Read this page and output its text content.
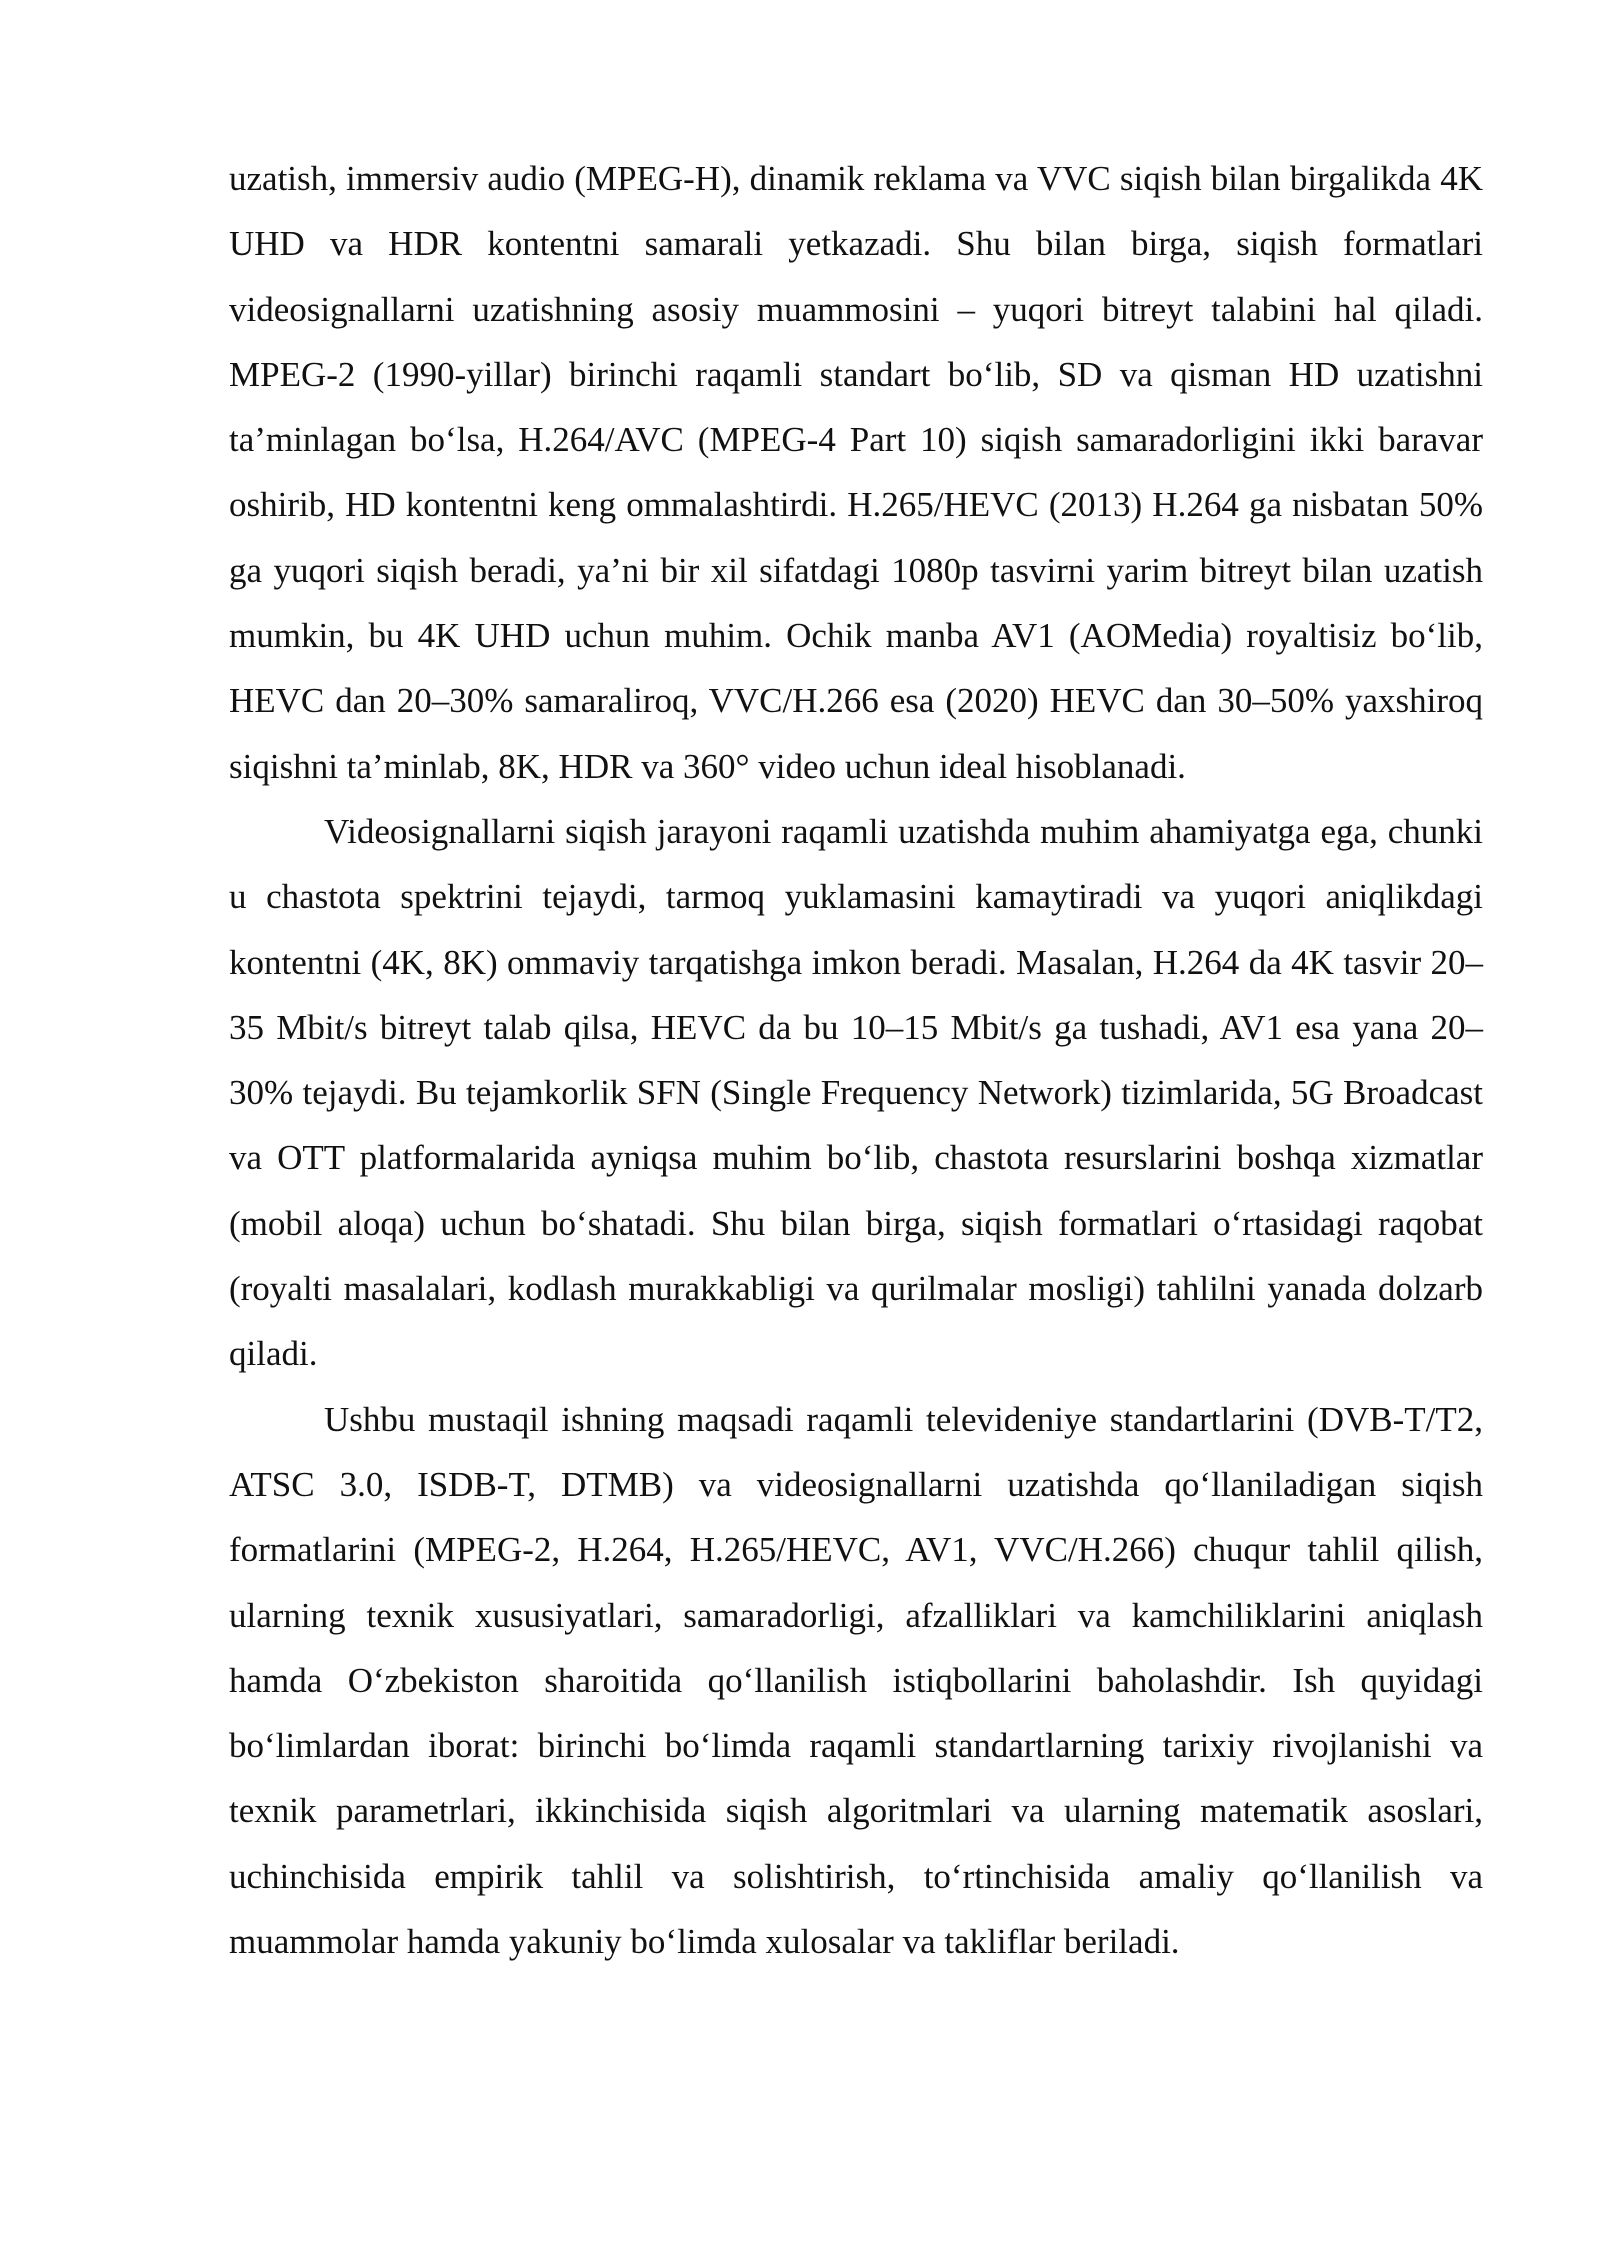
uzatish, immersiv audio (MPEG-H), dinamik reklama va VVC siqish bilan birgalikda 4K UHD va HDR kontentni samarali yetkazadi. Shu bilan birga, siqish formatlari videosignallarni uzatishning asosiy muammosini – yuqori bitreyt talabini hal qiladi. MPEG-2 (1990-yillar) birinchi raqamli standart bo‘lib, SD va qisman HD uzatishni ta’minlagan bo‘lsa, H.264/AVC (MPEG-4 Part 10) siqish samaradorligini ikki baravar oshirib, HD kontentni keng ommalashtirdi. H.265/HEVC (2013) H.264 ga nisbatan 50% ga yuqori siqish beradi, ya’ni bir xil sifatdagi 1080p tasvirni yarim bitreyt bilan uzatish mumkin, bu 4K UHD uchun muhim. Ochik manba AV1 (AOMedia) royaltisiz bo‘lib, HEVC dan 20–30% samaraliroq, VVC/H.266 esa (2020) HEVC dan 30–50% yaxshiroq siqishni ta’minlab, 8K, HDR va 360° video uchun ideal hisoblanadi.

Videosignallarni siqish jarayoni raqamli uzatishda muhim ahamiyatga ega, chunki u chastota spektrini tejaydi, tarmoq yuklamasini kamaytiradi va yuqori aniqlikdagi kontentni (4K, 8K) ommaviy tarqatishga imkon beradi. Masalan, H.264 da 4K tasvir 20–35 Mbit/s bitreyt talab qilsa, HEVC da bu 10–15 Mbit/s ga tushadi, AV1 esa yana 20–30% tejaydi. Bu tejamkorlik SFN (Single Frequency Network) tizimlarida, 5G Broadcast va OTT platformalarida ayniqsa muhim bo‘lib, chastota resurslarini boshqa xizmatlar (mobil aloqa) uchun bo‘shatadi. Shu bilan birga, siqish formatlari o‘rtasidagi raqobat (royalti masalalari, kodlash murakkabligi va qurilmalar mosligi) tahlilni yanada dolzarb qiladi.

Ushbu mustaqil ishning maqsadi raqamli televideniye standartlarini (DVB-T/T2, ATSC 3.0, ISDB-T, DTMB) va videosignallarni uzatishda qo‘llaniladigan siqish formatlarini (MPEG-2, H.264, H.265/HEVC, AV1, VVC/H.266) chuqur tahlil qilish, ularning texnik xususiyatlari, samaradorligi, afzalliklari va kamchiliklarini aniqlash hamda O‘zbekiston sharoitida qo‘llanilish istiqbollarini baholashdir. Ish quyidagi bo‘limlardan iborat: birinchi bo‘limda raqamli standartlarning tarixiy rivojlanishi va texnik parametrlari, ikkinchisida siqish algoritmlari va ularning matematik asoslari, uchinchisida empirik tahlil va solishtirish, to‘rtinchisida amaliy qo‘llanilish va muammolar hamda yakuniy bo‘limda xulosalar va takliflar beriladi.
